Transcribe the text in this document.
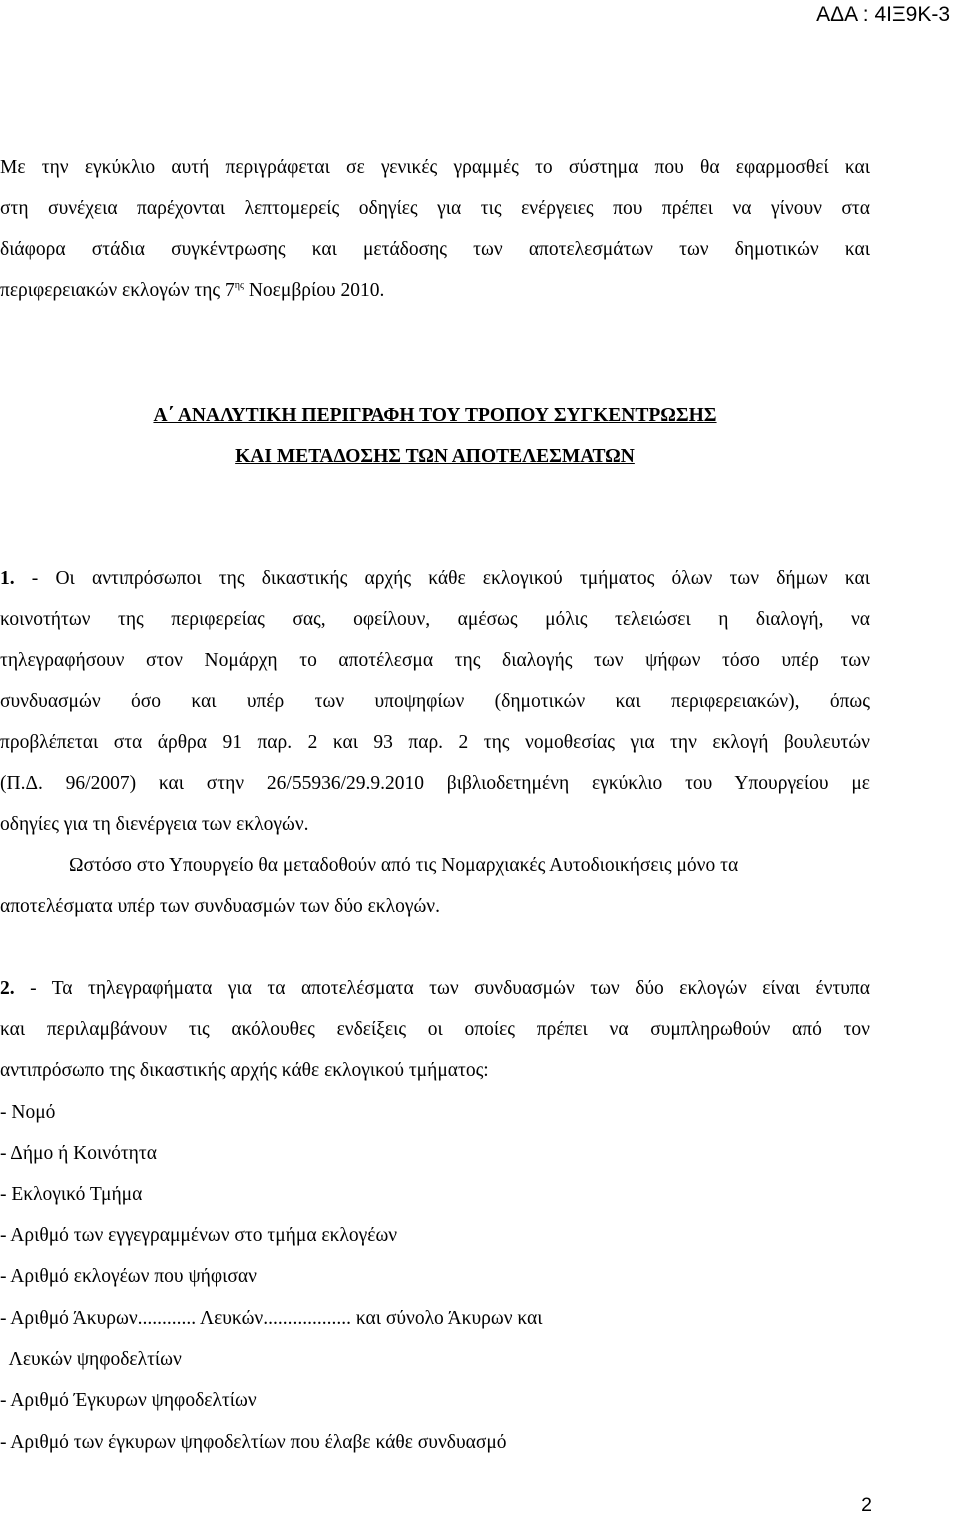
ΑΔΑ : 4ΙΞ9Κ-3
Με την εγκύκλιο αυτή περιγράφεται σε γενικές γραμμές το σύστημα που θα εφαρμοσθεί και
στη συνέχεια παρέχονται λεπτομερείς οδηγίες για τις ενέργειες που πρέπει να γίνουν στα
διάφορα στάδια συγκέντρωσης και μετάδοσης των αποτελεσμάτων των δημοτικών και
περιφερειακών εκλογών της $7^{\eta\varsigma}$ Νοεμβρίου 2010.
Α΄ ΑΝΑΛΥΤΙΚΗ ΠΕΡΙΓΡΑΦΗ ΤΟΥ ΤΡΟΠΟΥ ΣΥΓΚΕΝΤΡΩΣΗΣ
ΚΑΙ ΜΕΤΑΔΟΣΗΣ ΤΩΝ ΑΠΟΤΕΛΕΣΜΑΤΩΝ
1. - Οι αντιπρόσωποι της δικαστικής αρχής κάθε εκλογικού τμήματος όλων των δήμων και
κοινοτήτων της περιφερείας σας, οφείλουν, αμέσως μόλις τελειώσει η διαλογή, να
τηλεγραφήσουν στον Νομάρχη το αποτέλεσμα της διαλογής των ψήφων τόσο υπέρ των
συνδυασμών όσο και υπέρ των υποψηφίων (δημοτικών και περιφερειακών), όπως
προβλέπεται στα άρθρα 91 παρ. 2 και 93 παρ. 2 της νομοθεσίας για την εκλογή βουλευτών
(Π.Δ. 96/2007) και στην 26/55936/29.9.2010 βιβλιοδετημένη εγκύκλιο του Υπουργείου με
οδηγίες για τη διενέργεια των εκλογών.
Ωστόσο στο Υπουργείο θα μεταδοθούν από τις Νομαρχιακές Αυτοδιοικήσεις μόνο τα
αποτελέσματα υπέρ των συνδυασμών των δύο εκλογών.
2. - Τα τηλεγραφήματα για τα αποτελέσματα των συνδυασμών των δύο εκλογών είναι έντυπα
και περιλαμβάνουν τις ακόλουθες ενδείξεις οι οποίες πρέπει να συμπληρωθούν από τον
αντιπρόσωπο της δικαστικής αρχής κάθε εκλογικού τμήματος:
- Νομό
- Δήμο ή Κοινότητα
- Εκλογικό Τμήμα
- Αριθμό των εγγεγραμμένων στο τμήμα εκλογέων
- Αριθμό εκλογέων που ψήφισαν
- Αριθμό Άκυρων............ Λευκών.................. και σύνολο Άκυρων και
Λευκών ψηφοδελτίων
- Αριθμό Έγκυρων ψηφοδελτίων
- Αριθμό των έγκυρων ψηφοδελτίων που έλαβε κάθε συνδυασμό
2
